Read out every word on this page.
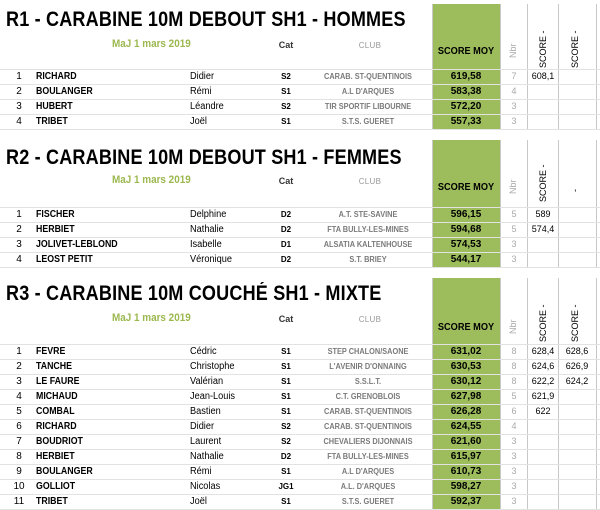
R1 - CARABINE 10M DEBOUT SH1 - HOMMES
MaJ 1 mars 2019	Cat	CLUB
SCORE MOY	Nbr SCORE - SCORE -
1	RICHARD	Didier	S2	CARAB. ST-QUENTINOIS	619,58	7	608,1
2	BOULANGER	Rémi	S1	A.L D'ARQUES	583,38	4
3	HUBERT	Léandre	S2	TIR SPORTIF LIBOURNE	572,20	3
4	TRIBET	Joël	S1	S.T.S. GUERET	557,33	3
R2 - CARABINE 10M DEBOUT SH1 - FEMMES
MaJ 1 mars 2019	Cat	CLUB
SCORE MOY	Nbr SCORE - -
1	FISCHER	Delphine	D2	A.T. STE-SAVINE	596,15	5	589
2	HERBIET	Nathalie	D2	FTA BULLY-LES-MINES	594,68	5	574,4
3	JOLIVET-LEBLOND	Isabelle	D1	ALSATIA KALTENHOUSE	574,53	3
4	LEOST PETIT	Véronique	D2	S.T. BRIEY	544,17	3
R3 - CARABINE 10M COUCHÉ SH1 - MIXTE
MaJ 1 mars 2019	Cat	CLUB
SCORE MOY	Nbr SCORE - SCORE -
1	FEVRE	Cédric	S1	STEP CHALON/SAONE	631,02	8	628,4	628,6
2	TANCHE	Christophe	S1	L'AVENIR D'ONNAING	630,53	8	624,6	626,9
3	LE FAURE	Valérian	S1	S.S.L.T.	630,12	8	622,2	624,2
4	MICHAUD	Jean-Louis	S1	C.T. GRENOBLOIS	627,98	5	621,9
5	COMBAL	Bastien	S1	CARAB. ST-QUENTINOIS	626,28	6	622
6	RICHARD	Didier	S2	CARAB. ST-QUENTINOIS	624,55	4
7	BOUDRIOT	Laurent	S2	CHEVALIERS DIJONNAIS	621,60	3
8	HERBIET	Nathalie	D2	FTA BULLY-LES-MINES	615,97	3
9	BOULANGER	Rémi	S1	A.L D'ARQUES	610,73	3
10 GOLLIOT	Nicolas	JG1	A.L. D'ARQUES	598,27	3
11 TRIBET	Joël	S1	S.T.S. GUERET	592,37	3
